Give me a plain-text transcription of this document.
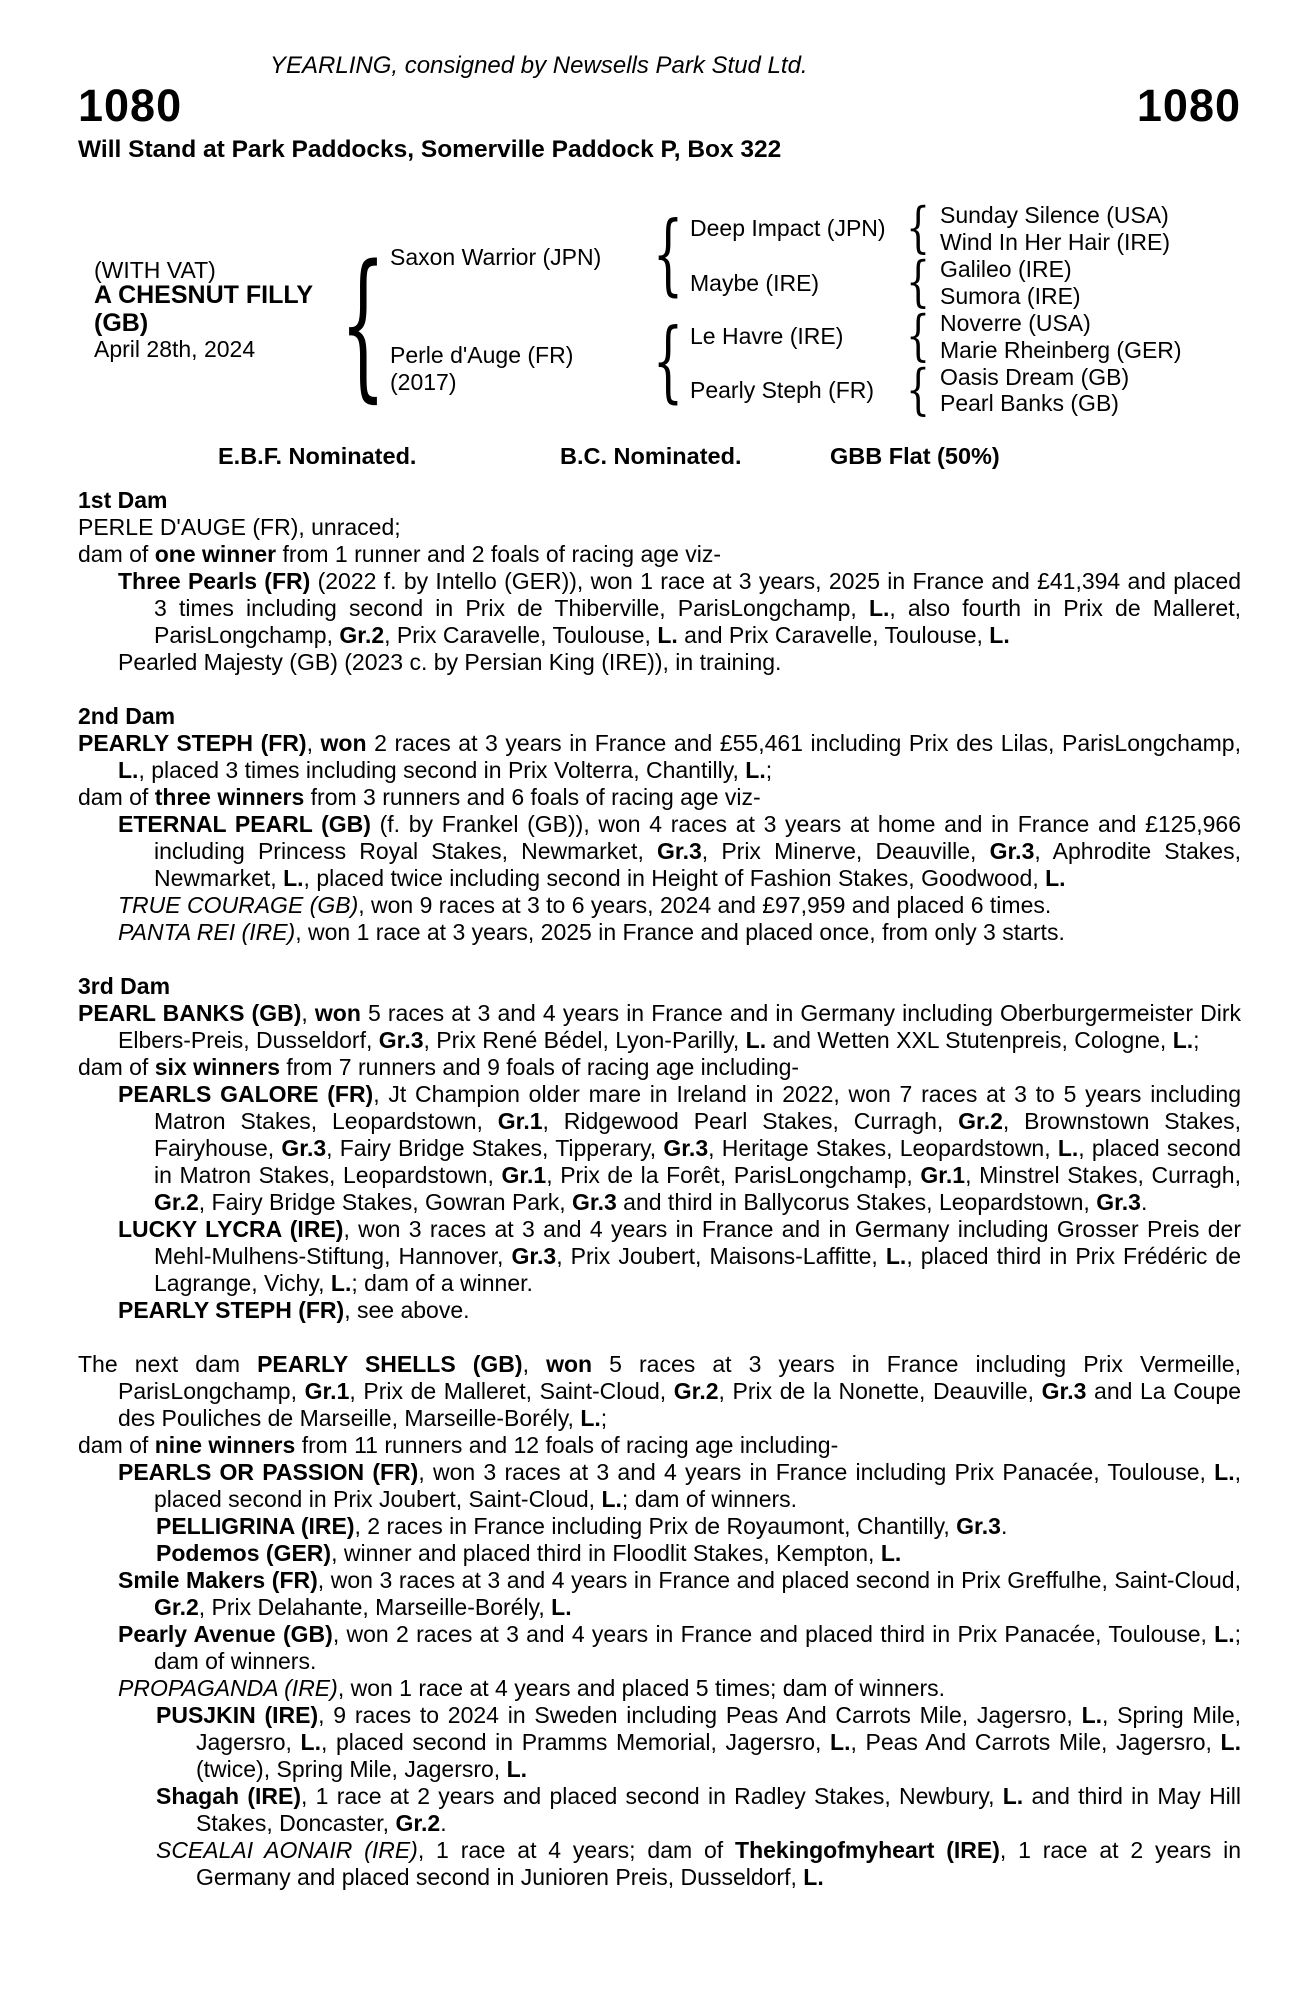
YEARLING, consigned by Newsells Park Stud Ltd.
1080	1080
Will Stand at Park Paddocks, Somerville Paddock P, Box 322
(WITH VAT)
A CHESNUT FILLY
(GB)
April 28th, 2024 { Saxon Warrior (JPN)
Perle d'Auge (FR)
(2017)
{
{
Deep Impact (JPN)
Maybe (IRE)
Le Havre (IRE)
Pearly Steph (FR)
{
{
{
{
Sunday Silence (USA)
Wind In Her Hair (IRE)
Galileo (IRE)
Sumora (IRE)
Noverre (USA)
Marie Rheinberg (GER)
Oasis Dream (GB)
Pearl Banks (GB)
E.B.F. Nominated.	B.C. Nominated.	GBB Flat (50%)
1st Dam
PERLE D'AUGE (FR), unraced;
dam of one winner from 1 runner and 2 foals of racing age viz-
Three Pearls (FR) (2022 f. by Intello (GER)), won 1 race at 3 years, 2025 in France and £41,394 and placed 3 times including second in Prix de Thiberville, ParisLongchamp, L., also fourth in Prix de Malleret, ParisLongchamp, Gr.2, Prix Caravelle, Toulouse, L. and Prix Caravelle, Toulouse, L.
Pearled Majesty (GB) (2023 c. by Persian King (IRE)), in training.
2nd Dam
PEARLY STEPH (FR), won 2 races at 3 years in France and £55,461 including Prix des Lilas, ParisLongchamp, L., placed 3 times including second in Prix Volterra, Chantilly, L.;
dam of three winners from 3 runners and 6 foals of racing age viz-
ETERNAL PEARL (GB) (f. by Frankel (GB)), won 4 races at 3 years at home and in France and £125,966 including Princess Royal Stakes, Newmarket, Gr.3, Prix Minerve, Deauville, Gr.3, Aphrodite Stakes, Newmarket, L., placed twice including second in Height of Fashion Stakes, Goodwood, L.
TRUE COURAGE (GB), won 9 races at 3 to 6 years, 2024 and £97,959 and placed 6 times.
PANTA REI (IRE), won 1 race at 3 years, 2025 in France and placed once, from only 3 starts.
3rd Dam
PEARL BANKS (GB), won 5 races at 3 and 4 years in France and in Germany including Oberburgermeister Dirk Elbers-Preis, Dusseldorf, Gr.3, Prix René Bédel, Lyon-Parilly, L. and Wetten XXL Stutenpreis, Cologne, L.;
dam of six winners from 7 runners and 9 foals of racing age including-
PEARLS GALORE (FR), Jt Champion older mare in Ireland in 2022, won 7 races at 3 to 5 years including Matron Stakes, Leopardstown, Gr.1, Ridgewood Pearl Stakes, Curragh, Gr.2, Brownstown Stakes, Fairyhouse, Gr.3, Fairy Bridge Stakes, Tipperary, Gr.3, Heritage Stakes, Leopardstown, L., placed second in Matron Stakes, Leopardstown, Gr.1, Prix de la Forêt, ParisLongchamp, Gr.1, Minstrel Stakes, Curragh, Gr.2, Fairy Bridge Stakes, Gowran Park, Gr.3 and third in Ballycorus Stakes, Leopardstown, Gr.3.
LUCKY LYCRA (IRE), won 3 races at 3 and 4 years in France and in Germany including Grosser Preis der Mehl-Mulhens-Stiftung, Hannover, Gr.3, Prix Joubert, Maisons-Laffitte, L., placed third in Prix Frédéric de Lagrange, Vichy, L.; dam of a winner.
PEARLY STEPH (FR), see above.
The next dam PEARLY SHELLS (GB), won 5 races at 3 years in France including Prix Vermeille, ParisLongchamp, Gr.1, Prix de Malleret, Saint-Cloud, Gr.2, Prix de la Nonette, Deauville, Gr.3 and La Coupe des Pouliches de Marseille, Marseille-Borély, L.;
dam of nine winners from 11 runners and 12 foals of racing age including-
PEARLS OR PASSION (FR), won 3 races at 3 and 4 years in France including Prix Panacée, Toulouse, L., placed second in Prix Joubert, Saint-Cloud, L.; dam of winners.
PELLIGRINA (IRE), 2 races in France including Prix de Royaumont, Chantilly, Gr.3.
Podemos (GER), winner and placed third in Floodlit Stakes, Kempton, L.
Smile Makers (FR), won 3 races at 3 and 4 years in France and placed second in Prix Greffulhe, Saint-Cloud, Gr.2, Prix Delahante, Marseille-Borély, L.
Pearly Avenue (GB), won 2 races at 3 and 4 years in France and placed third in Prix Panacée, Toulouse, L.; dam of winners.
PROPAGANDA (IRE), won 1 race at 4 years and placed 5 times; dam of winners.
PUSJKIN (IRE), 9 races to 2024 in Sweden including Peas And Carrots Mile, Jagersro, L., Spring Mile, Jagersro, L., placed second in Pramms Memorial, Jagersro, L., Peas And Carrots Mile, Jagersro, L. (twice), Spring Mile, Jagersro, L.
Shagah (IRE), 1 race at 2 years and placed second in Radley Stakes, Newbury, L. and third in May Hill Stakes, Doncaster, Gr.2.
SCEALAI AONAIR (IRE), 1 race at 4 years; dam of Thekingofmyheart (IRE), 1 race at 2 years in Germany and placed second in Junioren Preis, Dusseldorf, L.
